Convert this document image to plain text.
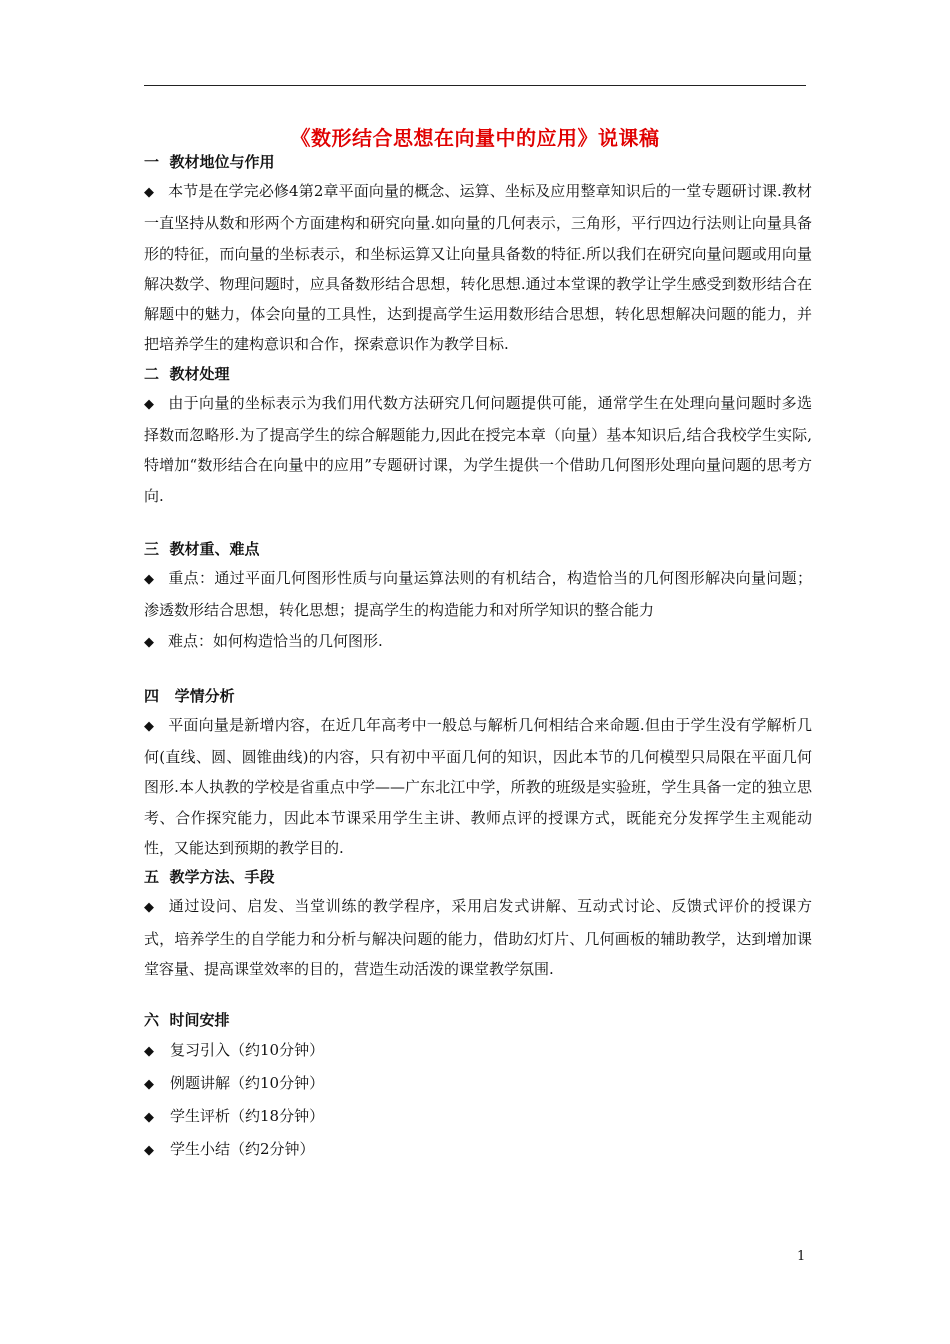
《数形结合思想在向量中的应用》说课稿
一  教材地位与作用

◆ 本节是在学完必修4第2章平面向量的概念、运算、坐标及应用整章知识后的一堂专题研讨课.教材一直坚持从数和形两个方面建构和研究向量.如向量的几何表示，三角形，平行四边行法则让向量具备形的特征，而向量的坐标表示，和坐标运算又让向量具备数的特征.所以我们在研究向量问题或用向量解决数学、物理问题时，应具备数形结合思想，转化思想.通过本堂课的教学让学生感受到数形结合在解题中的魅力，体会向量的工具性，达到提高学生运用数形结合思想，转化思想解决问题的能力，并把培养学生的建构意识和合作，探索意识作为教学目标.

二  教材处理

◆ 由于向量的坐标表示为我们用代数方法研究几何问题提供可能，通常学生在处理向量问题时多选择数而忽略形.为了提高学生的综合解题能力,因此在授完本章（向量）基本知识后,结合我校学生实际,特增加“数形结合在向量中的应用”专题研讨课，为学生提供一个借助几何图形处理向量问题的思考方向.

三  教材重、难点

◆ 重点：通过平面几何图形性质与向量运算法则的有机结合，构造恰当的几何图形解决向量问题；渗透数形结合思想，转化思想；提高学生的构造能力和对所学知识的整合能力

◆ 难点：如何构造恰当的几何图形.

四   学情分析

◆ 平面向量是新增内容，在近几年高考中一般总与解析几何相结合来命题.但由于学生没有学解析几何(直线、圆、圆锥曲线)的内容，只有初中平面几何的知识，因此本节的几何模型只局限在平面几何图形.本人执教的学校是省重点中学——广东北江中学，所教的班级是实验班，学生具备一定的独立思考、合作探究能力，因此本节课采用学生主讲、教师点评的授课方式，既能充分发挥学生主观能动性，又能达到预期的教学目的.

五  教学方法、手段

◆ 通过设问、启发、当堂训练的教学程序，采用启发式讲解、互动式讨论、反馈式评价的授课方式，培养学生的自学能力和分析与解决问题的能力，借助幻灯片、几何画板的辅助教学，达到增加课堂容量、提高课堂效率的目的，营造生动活泼的课堂教学氛围.

六  时间安排
◆ 复习引入（约10分钟）
◆ 例题讲解（约10分钟）
◆ 学生评析（约18分钟）
◆ 学生小结（约2分钟）
1
